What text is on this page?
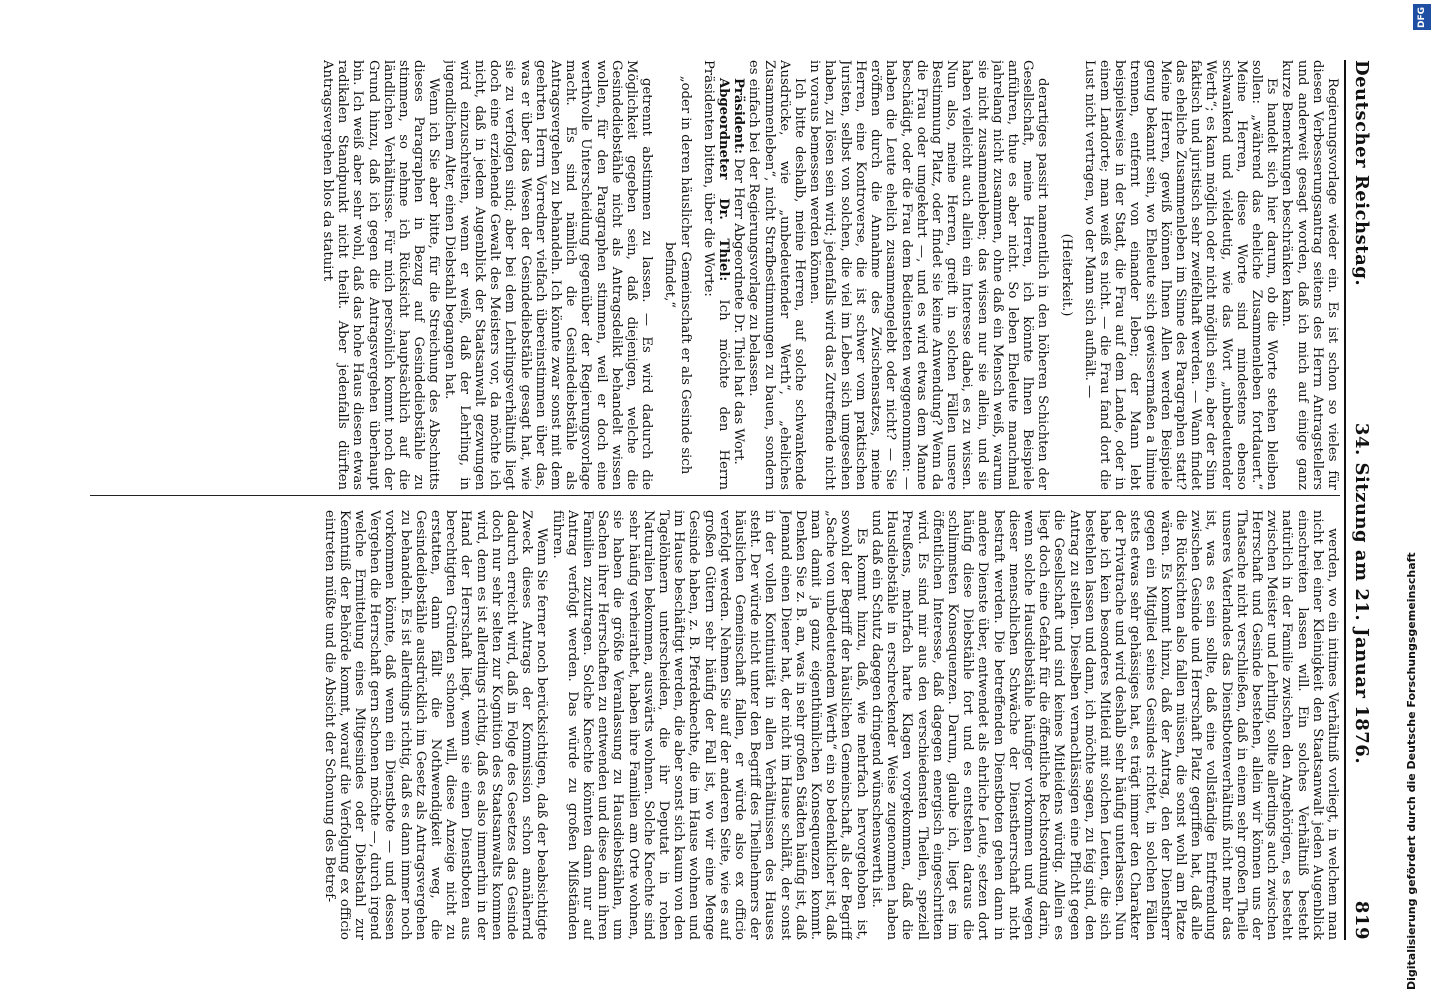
Deutscher Reichstag.
34. Sitzung am 21. Januar 1876.
819

Regierungsvorlage wieder ein. Es ist schon so vieles für diesen Verbesserungsantrag seitens des Herrn Antragstellers und anderweit gesagt worden, daß ich mich auf einige ganz kurze Bemerkungen beschränken kann.

Es handelt sich hier darum, ob die Worte stehen bleiben sollen: „während das eheliche Zusammenleben fortdauert.“ Meine Herren, diese Worte sind mindestens ebenso schwankend und vieldeutig, wie das Wort „unbedeutender Werth“; es kann möglich oder nicht möglich sein, aber der Sinn faktisch und juristisch sehr zweifelhaft werden. — Wann findet das eheliche Zusammenleben im Sinne des Paragraphen statt? Meine Herren, gewiß können Ihnen Allen werden Beispiele genug bekannt sein, wo Eheleute sich gewissermaßen a limine trennen, entfernt von einander leben; der Mann lebt beispielsweise in der Stadt, die Frau auf dem Lande, oder in einem Landorte; man weiß es nicht. — die Frau fand dort die Lust nicht vertragen, wo der Mann sich aufhält. —

(Heiterkeit.)

derartiges passirt namentlich in den höheren Schichten der Gesellschaft, meine Herren, ich könnte Ihnen Beispiele anführen, thue es aber nicht. So leben Eheleute manchmal jahrelang nicht zusammen, ohne daß ein Mensch weiß, warum sie nicht zusammenleben; das wissen nur sie allein, und sie haben vielleicht auch allein ein Interesse dabei, es zu wissen. Nun also, meine Herren, greift in solchen Fällen unsere Bestimmung Platz, oder findet sie keine Anwendung? Wenn da die Frau oder umgekehrt —, und es wird etwas dem Manne beschädigt, oder die Frau dem Bediensteten weggenommen: — haben die Leute ehelich zusammengelebt oder nicht? — Sie eröffnen durch die Annahme des Zwischensatzes, meine Herren, eine Kontroverse, die ist schwer vom praktischen Juristen, selbst von solchen, die viel im Leben sich umgesehen haben, zu lösen sein wird; jedenfalls wird das Zutreffende nicht in voraus bemessen werden können.

Ich bitte deshalb, meine Herren, auf solche schwankende Ausdrücke, wie „unbedeutender Werth“, „eheliches Zusammenleben“, nicht Strafbestimmungen zu bauen, sondern es einfach bei der Regierungsvorlage zu belassen.

Präsident: Der Herr Abgeordnete Dr. Thiel hat das Wort.

Abgeordneter Dr. Thiel: Ich möchte den Herrn Präsidenten bitten, über die Worte:

„oder in deren häuslicher Gemeinschaft er als Gesinde sich befindet,“

getrennt abstimmen zu lassen. — Es wird dadurch die Möglichkeit gegeben sein, daß diejenigen, welche die Gesindediebstähle nicht als Antragsdelikt behandelt wissen wollen, für den Paragraphen stimmen, weil er doch eine werthvolle Unterscheidung gegenüber der Regierungsvorlage macht. Es sind nämlich die Gesindediebstähle als Antragsvergehen zu behandeln. Ich könnte zwar sonst mit dem geehrten Herrn Vorredner vielfach übereinstimmen über das, was er über das Wesen der Gesindediebstähle gesagt hat, wie sie zu verfolgen sind; aber bei dem Lehrlingsverhältniß liegt doch eine erziehende Gewalt des Meisters vor, da möchte ich nicht, daß in jedem Augenblick der Staatsanwalt gezwungen wird einzuschreiten, wenn er weiß, daß der Lehrling, in jugendlichem Alter, einen Diebstahl begangen hat.

Wenn ich Sie aber bitte, für die Streichung des Abschnitts dieses Paragraphen in Bezug auf Gesindediebstähle zu stimmen, so nehme ich Rücksicht hauptsächlich auf die ländlichen Verhältnisse. Für mich persönlich kommt noch der Grund hinzu, daß ich gegen die Antragsvergehen überhaupt bin. Ich weiß aber sehr wohl, daß das hohe Haus diesen etwas radikalen Standpunkt nicht theilt. Aber jedenfalls dürften Antragsvergehen blos da statuirt

werden, wo ein intimes Verhältniß vorliegt, in welchem man nicht bei einer Kleinigkeit den Staatsanwalt jeden Augenblick einschreiten lassen will. Ein solches Verhältniß besteht natürlich in der Familie zwischen den Angehörigen, es besteht zwischen Meister und Lehrling, sollte allerdings auch zwischen Herrschaft und Gesinde bestehen, allein wir können uns der Thatsache nicht verschließen, daß in einem sehr großen Theile unseres Vaterlandes das Dienstbotenverhältniß nicht mehr das ist, was es sein sollte, daß eine vollständige Entfremdung zwischen Gesinde und Herrschaft Platz gegriffen hat, daß alle die Rücksichten also fallen müssen, die sonst wohl am Platze wären. Es kommt hinzu, daß der Antrag, den der Dienstherr gegen ein Mitglied seines Gesindes richtet, in solchen Fällen stets etwas sehr gehässiges hat, es trägt immer den Charakter der Privatrache und wird deshalb sehr häufig unterlassen. Nun habe ich kein besonderes Mitleid mit solchen Leuten, die sich bestehlen lassen und dann, ich möchte sagen, zu feig sind, den Antrag zu stellen. Dieselben vernachlässigen eine Pflicht gegen die Gesellschaft und sind keines Mitleidens würdig. Allein es liegt doch eine Gefahr für die öffentliche Rechtsordnung darin, wenn solche Hausdiebstähle häufiger vorkommen und wegen dieser menschlichen Schwäche der Dienstherrschaft nicht bestraft werden. Die betreffenden Dienstboten gehen dann in andere Dienste über, entwendet als ehrliche Leute, setzen dort häufig diese Diebstähle fort und es entstehen daraus die schlimmsten Konsequenzen. Darum, glaube ich, liegt es im öffentlichen Interesse, daß dagegen energisch eingeschritten wird. Es sind mir aus den verschiedensten Theilen, speziell Preußens, mehrfach harte Klagen vorgekommen, daß die Hausdiebstähle in erschreckender Weise zugenommen haben und daß ein Schutz dagegen dringend wünschenswerth ist.

Es kommt hinzu, daß, wie mehrfach hervorgehoben ist, sowohl der Begriff der häuslichen Gemeinschaft, als der Begriff „Sache von unbedeutendem Werth“ ein so bedenklicher ist, daß man damit ja ganz eigenthümlichen Konsequenzen kommt. Denken Sie z. B. an, was in sehr großen Städten häufig ist, daß Jemand einen Diener hat, der nicht im Hause schläft, der sonst in der vollen Kontinuität in allen Verhältnissen des Hauses steht. Der würde nicht unter den Begriff des Theilnehmers der häuslichen Gemeinschaft fallen, er würde also ex officio verfolgt werden. Nehmen Sie auf der anderen Seite, wie es auf großen Gütern sehr häufig der Fall ist, wo wir eine Menge Gesinde haben, z. B. Pferdeknechte, die im Hause wohnen und im Hause beschäftigt werden, die aber sonst sich kaum von den Tagelöhnern unterscheiden, die ihr Deputat in rohen Naturalien bekommen, auswärts wohnen. Solche Knechte sind sehr häufig verheirathet, haben ihre Familien am Orte wohnen, sie haben die größte Veranlassung zu Hausdiebstählen, um Sachen ihrer Herrschaften zu entwenden und diese dann ihren Familien zuzutragen. Solche Knechte könnten dann nur auf Antrag verfolgt werden. Das würde zu großen Mißständen führen.

Wenn Sie ferner noch berücksichtigen, daß der beabsichtigte Zweck dieses Antrags der Kommission schon annähernd dadurch erreicht wird, daß in Folge des Gesetzes das Gesinde doch nur sehr selten zur Kognition des Staatsanwalts kommen wird, denn es ist allerdings richtig, daß es also immerhin in der Hand der Herrschaft liegt, wenn sie einen Dienstboten aus berechtigten Gründen schonen will, diese Anzeige nicht zu erstatten, dann fällt die Nothwendigkeit weg, die Gesindediebstähle ausdrücklich im Gesetz als Antragsvergehen zu behandeln. Es ist allerdings richtig, daß es dann immer noch vorkommen könnte, daß wenn ein Dienstbote — und dessen Vergehen die Herrschaft gern schonen möchte —, durch irgend welche Ermittelung eines Mitgesindes oder Diebstahl zur Kenntniß der Behörde kommt, worauf die Verfolgung ex officio eintreten müßte und die Absicht der Schonung des Betref-	Digitalisierung gefördert durch die Deutsche Forschungsgemeinschaft
DFG
